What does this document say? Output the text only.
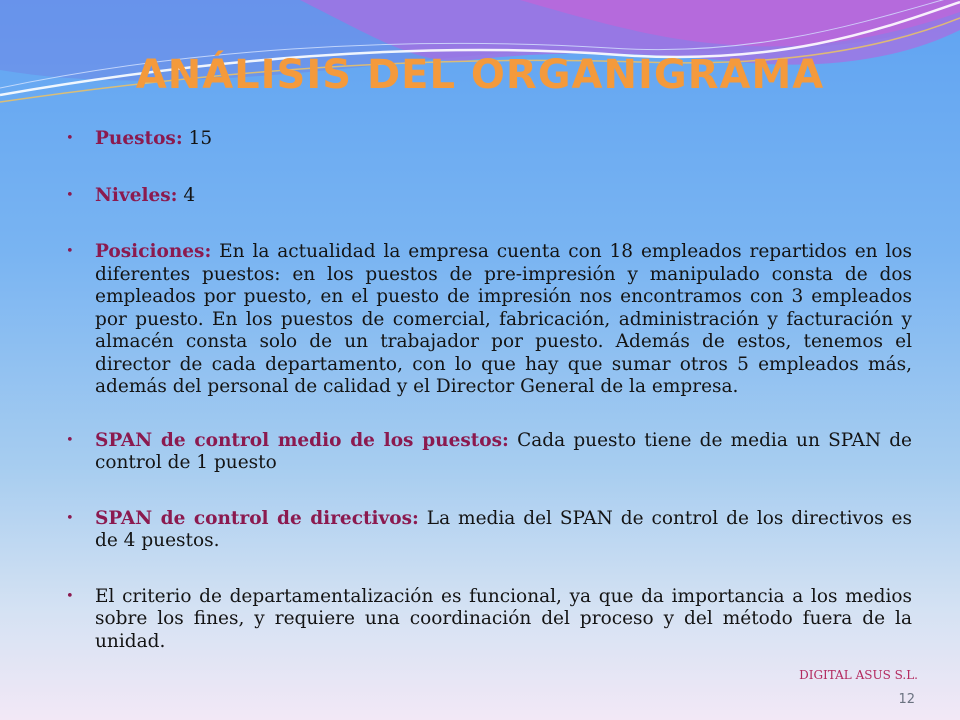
ANÁLISIS DEL ORGANIGRAMA
• Puestos: 15
• Niveles: 4
• Posiciones: En la actualidad la empresa cuenta con 18 empleados repartidos en los diferentes puestos: en los puestos de pre-impresión y manipulado consta de dos empleados por puesto, en el puesto de impresión nos encontramos con 3 empleados por puesto. En los puestos de comercial, fabricación, administración y facturación y almacén consta solo de un trabajador por puesto. Además de estos, tenemos el director de cada departamento, con lo que hay que sumar otros 5 empleados más, además del personal de calidad y el Director General de la empresa.
• SPAN de control medio de los puestos: Cada puesto tiene de media un SPAN de control de 1 puesto
• SPAN de control de directivos: La media del SPAN de control de los directivos es de 4 puestos.
• El criterio de departamentalización es funcional, ya que da importancia a los medios sobre los fines, y requiere una coordinación del proceso y del método fuera de la unidad.
DIGITAL ASUS S.L.
12
